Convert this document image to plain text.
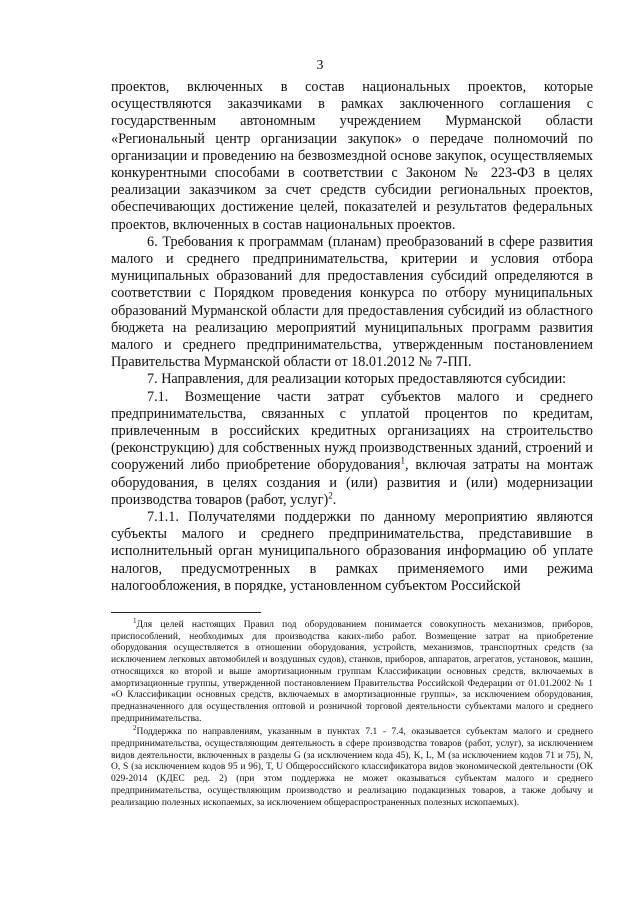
3

проектов, включенных в состав национальных проектов, которые осуществляются заказчиками в рамках заключенного соглашения с государственным автономным учреждением Мурманской области «Региональный центр организации закупок» о передаче полномочий по организации и проведению на безвозмездной основе закупок, осуществляемых конкурентными способами в соответствии с Законом № 223-ФЗ в целях реализации заказчиком за счет средств субсидии региональных проектов, обеспечивающих достижение целей, показателей и результатов федеральных проектов, включенных в состав национальных проектов.

6. Требования к программам (планам) преобразований в сфере развития малого и среднего предпринимательства, критерии и условия отбора муниципальных образований для предоставления субсидий определяются в соответствии с Порядком проведения конкурса по отбору муниципальных образований Мурманской области для предоставления субсидий из областного бюджета на реализацию мероприятий муниципальных программ развития малого и среднего предпринимательства, утвержденным постановлением Правительства Мурманской области от 18.01.2012 № 7-ПП.

7. Направления, для реализации которых предоставляются субсидии:

7.1. Возмещение части затрат субъектов малого и среднего предпринимательства, связанных с уплатой процентов по кредитам, привлеченным в российских кредитных организациях на строительство (реконструкцию) для собственных нужд производственных зданий, строений и сооружений либо приобретение оборудования$^1$, включая затраты на монтаж оборудования, в целях создания и (или) развития и (или) модернизации производства товаров (работ, услуг)$^2$.

7.1.1. Получателями поддержки по данному мероприятию являются субъекты малого и среднего предпринимательства, представившие в исполнительный орган муниципального образования информацию об уплате налогов, предусмотренных в рамках применяемого ими режима налогообложения, в порядке, установленном субъектом Российской

$^1$Для целей настоящих Правил под оборудованием понимается совокупность механизмов, приборов, приспособлений, необходимых для производства каких-либо работ. Возмещение затрат на приобретение оборудования осуществляется в отношении оборудования, устройств, механизмов, транспортных средств (за исключением легковых автомобилей и воздушных судов), станков, приборов, аппаратов, агрегатов, установок, машин, относящихся ко второй и выше амортизационным группам Классификации основных средств, включаемых в амортизационные группы, утвержденной постановлением Правительства Российской Федерации от 01.01.2002 № 1 «О Классификации основных средств, включаемых в амортизационные группы», за исключением оборудования, предназначенного для осуществления оптовой и розничной торговой деятельности субъектами малого и среднего предпринимательства.

$^2$Поддержка по направлениям, указанным в пунктах 7.1 - 7.4, оказывается субъектам малого и среднего предпринимательства, осуществляющим деятельность в сфере производства товаров (работ, услуг), за исключением видов деятельности, включенных в разделы G (за исключением кода 45), K, L, M (за исключением кодов 71 и 75), N, O, S (за исключением кодов 95 и 96), T, U Общероссийского классификатора видов экономической деятельности (ОК 029-2014 (КДЕС ред. 2) (при этом поддержка не может оказываться субъектам малого и среднего предпринимательства, осуществляющим производство и реализацию подакцизных товаров, а также добычу и реализацию полезных ископаемых, за исключением общераспространенных полезных ископаемых).
